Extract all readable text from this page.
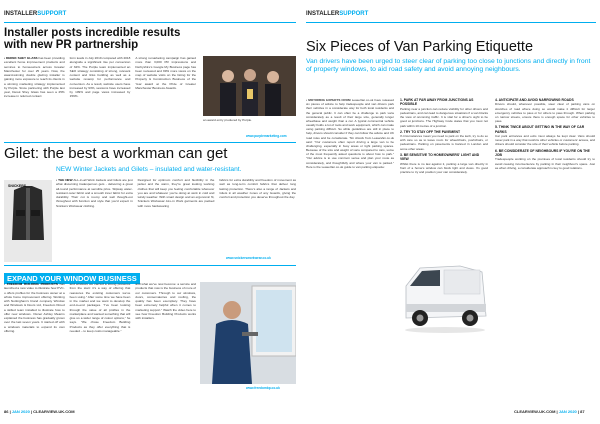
INSTALLERSUPPORT
Installer posts incredible results with new PR partnership
• DEREK SHEY GLASS has been providing excellent home improvement products and services to homeowners across Greater Manchester for over 25 years. Now, the award-winning double glazing installer is gaining more exposure to reach its clients in a winning marketing strategy implemented by Purple. Since partnering with Purple last year, Derek Shey Glass has seen a 25% increase in referred contact
form leads in July 2019 compared with 2018 alongside a significant rise per conversion of 34%. The Purple team implemented an SEO strategy consisting of strong, relevant content and links building as well as a website revamp for performance and conversion. As a result, website users have increased by 93%, sessions have increased by 109% and page views increased by 159%.
A strong remarketing campaign has gained more than 3,000 PR impressions and Derbyshire's Google My Business page has been reviewed and 99% more views on the map of website visits on the listing for the Property & Construction Business of the Year award at the Pride of Greater Manchester Business Awards.
an award entry produced by Purple.
www.purplemarketing.com
Gilet: the best a workman can get
SNICKERS
NEW Winter Jackets and Gilets – insulated and water-resistant.
• THE NEW ALL-in-all Work Jackets and Gilets are just what discerning tradesperson gets - delivering a great all-round performance at sensible price. Slipway water-resistant outer fabric and a smooth inner fabric for extra durability. Their cut is roomy and well thought-out throughout with function and style that you'd expect in Snickers Workwear clothing.
Designed for optimum comfort and flexibility in the jacket and the warm, they're great looking working clothes that will keep you feeling comfortable wherever you are and whatever you're doing at work in cold and windy weather. With smart design and an ergonomic fit, Snickers Workwear ALL-in Work garments are packed with more hardwearing
fabrics for extra durability and freedom of movement as well as long-term comfort fabrics that deliver long lasting protection. There's also a range of Jackets and Gilets in all weather zones of any Guards, giving the comfort and protection you deserve throughout the day.
www.snickersworkwear.co.uk
EXPAND YOUR WINDOW BUSINESS
• FREEDOM BUILDING PRODUCTS has launched a new video to illustrate how PVC-u offers profiles for the business owner at a whole home improvement offering. Working with Nottingham's brand company Window and Windows & Doors Ltd, Freedom filmed a skilled team installed to illustrate how to offer new windows. Owner Ashley Mearns explained the business has gradually grown over the last seven years. It started off with a windows materials to expand its own offering.
and windows we carried a strong presence from the start: it's a way of offering that reassures the existing customers we've been using." After some time we have been in the market and we want to develop the end-to-end packages. "I've been looking through the value of all profiles in the marketplace and wanted something that will give us a wider range of colour options," he says. "We chose Freedom Building Products as they offer everything that is needed – to keep costs manageable."
and what we've now become: a service and products that now is the business of more of our customers. Through to our windows, doors, conservatories and roofing, the quality has been exemplary. They have been extremely helpful when it comes to marketing support." Watch the video here to see how Freedom Building Products works with installers.
www.freedombp.co.uk
86 | JAN 2020 | CLEARVIEW-UK.COM
INSTALLERSUPPORT
Six Pieces of Van Parking Etiquette
Van drivers have been urged to steer clear of parking too close to junctions and directly in front of property windows, to aid road safety and avoid annoying neighbours.
• MOTORING EXPERTS FROM LeaseVan.co.uk have released six pieces of advice to help tradespeople and van drivers park their vehicles in a considerate way for both local residents and the general public. It can often be a challenge to park vans considerately as a result of their large size, generally longer wheelbase and weight than a car. A typical commercial vehicle usually holds a lot of tools and work equipment, which can make using parking difficult. So while guidelines are still in place to help, drivers should consider if they can follow the advice and UK road rules and be considerate. Tim Alcock from LeaseVan.co.uk said: "Our customers often report driving a large van to be challenging, especially in busy areas or tight parking spaces. Because of the size and weight of vans compared to cars, some of the most frequently asked questions is about how to park." "Our advice is to use common sense and plan your route as considerately, and thoughtfully and where your van is parked." Here is the LeaseVan.co.uk guide to van parking etiquette:
1. PARK AT FAR AWAY FROM JUNCTIONS AS POSSIBLE
Parking near a junction can reduce visibility for other drivers and pedestrians, and can lead to dangerous situations if a van blocks the view of oncoming traffic. It is vital for a driver's sight to be good at junctions. The Highway Code states that you must not park within 10 metres of a junction.
2. TRY TO STAY OFF THE PAVEMENT
If circumstances mean you need to park on the kerb, try to do so with care so as to leave room for wheelchairs, pushchairs, or pedestrians. Parking on pavements is banned in London and some other areas.
3. BE SENSITIVE TO HOMEOWNERS' LIGHT AND VIEW
Whilst there is no law against it, parking a large van directly in front of a home's window can block light and views. It's good practice to try and position your van considerately.
4. ANTICIPATE AND AVOID NARROWING ROADS
Drivers should, whenever possible, steer clear of parking vans on stretches of road where doing so would make it difficult for larger emergency vehicles to pass or for others to pass through. When parking on narrow streets, ensure there is enough space for other vehicles to pass.
5. THINK TWICE ABOUT GETTING IN THE WAY OF CAR PARKS
Car park entrances and exits must always be kept clear. Vans should never park in a way that restricts other vehicles or customers' access, and drivers should consider the size of their vehicle before parking.
6. BE CONSIDERATE OF NEIGHBOURS IF YOU'RE ON THE JOB
Tradespeople working on the premises of local residents should try to avoid causing inconvenience by parking in their neighbour's space. Just as when driving, a considerate approach is key to good relations.
CLEARVIEW-UK.COM | JAN 2020 | 87
